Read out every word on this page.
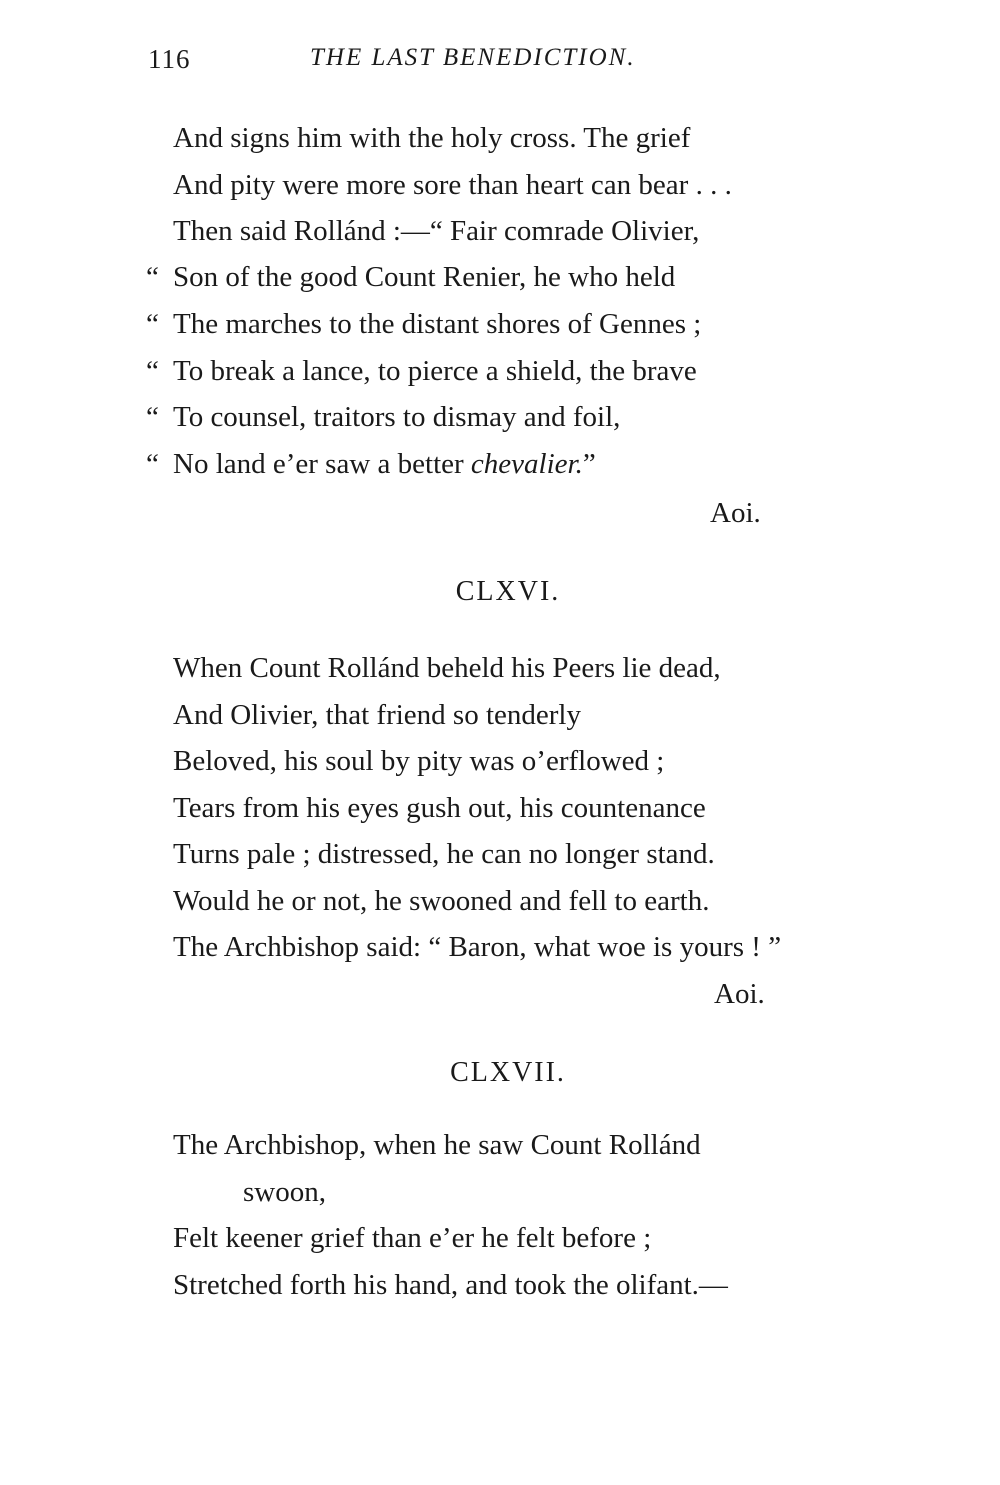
116	THE LAST BENEDICTION.
And signs him with the holy cross. The grief
And pity were more sore than heart can bear . . .
Then said Rollánd :—“ Fair comrade Olivier,
“ Son of the good Count Renier, he who held
“ The marches to the distant shores of Gennes ;
“ To break a lance, to pierce a shield, the brave
“ To counsel, traitors to dismay and foil,
“ No land e’er saw a better chevalier.”
Aoi.
CLXVI.
When Count Rollánd beheld his Peers lie dead,
And Olivier, that friend so tenderly
Beloved, his soul by pity was o’erflowed ;
Tears from his eyes gush out, his countenance
Turns pale ; distressed, he can no longer stand.
Would he or not, he swooned and fell to earth.
The Archbishop said: “ Baron, what woe is yours ! ”
Aoi.
CLXVII.
The Archbishop, when he saw Count Rollánd
swoon,
Felt keener grief than e’er he felt before ;
Stretched forth his hand, and took the olifant.—
